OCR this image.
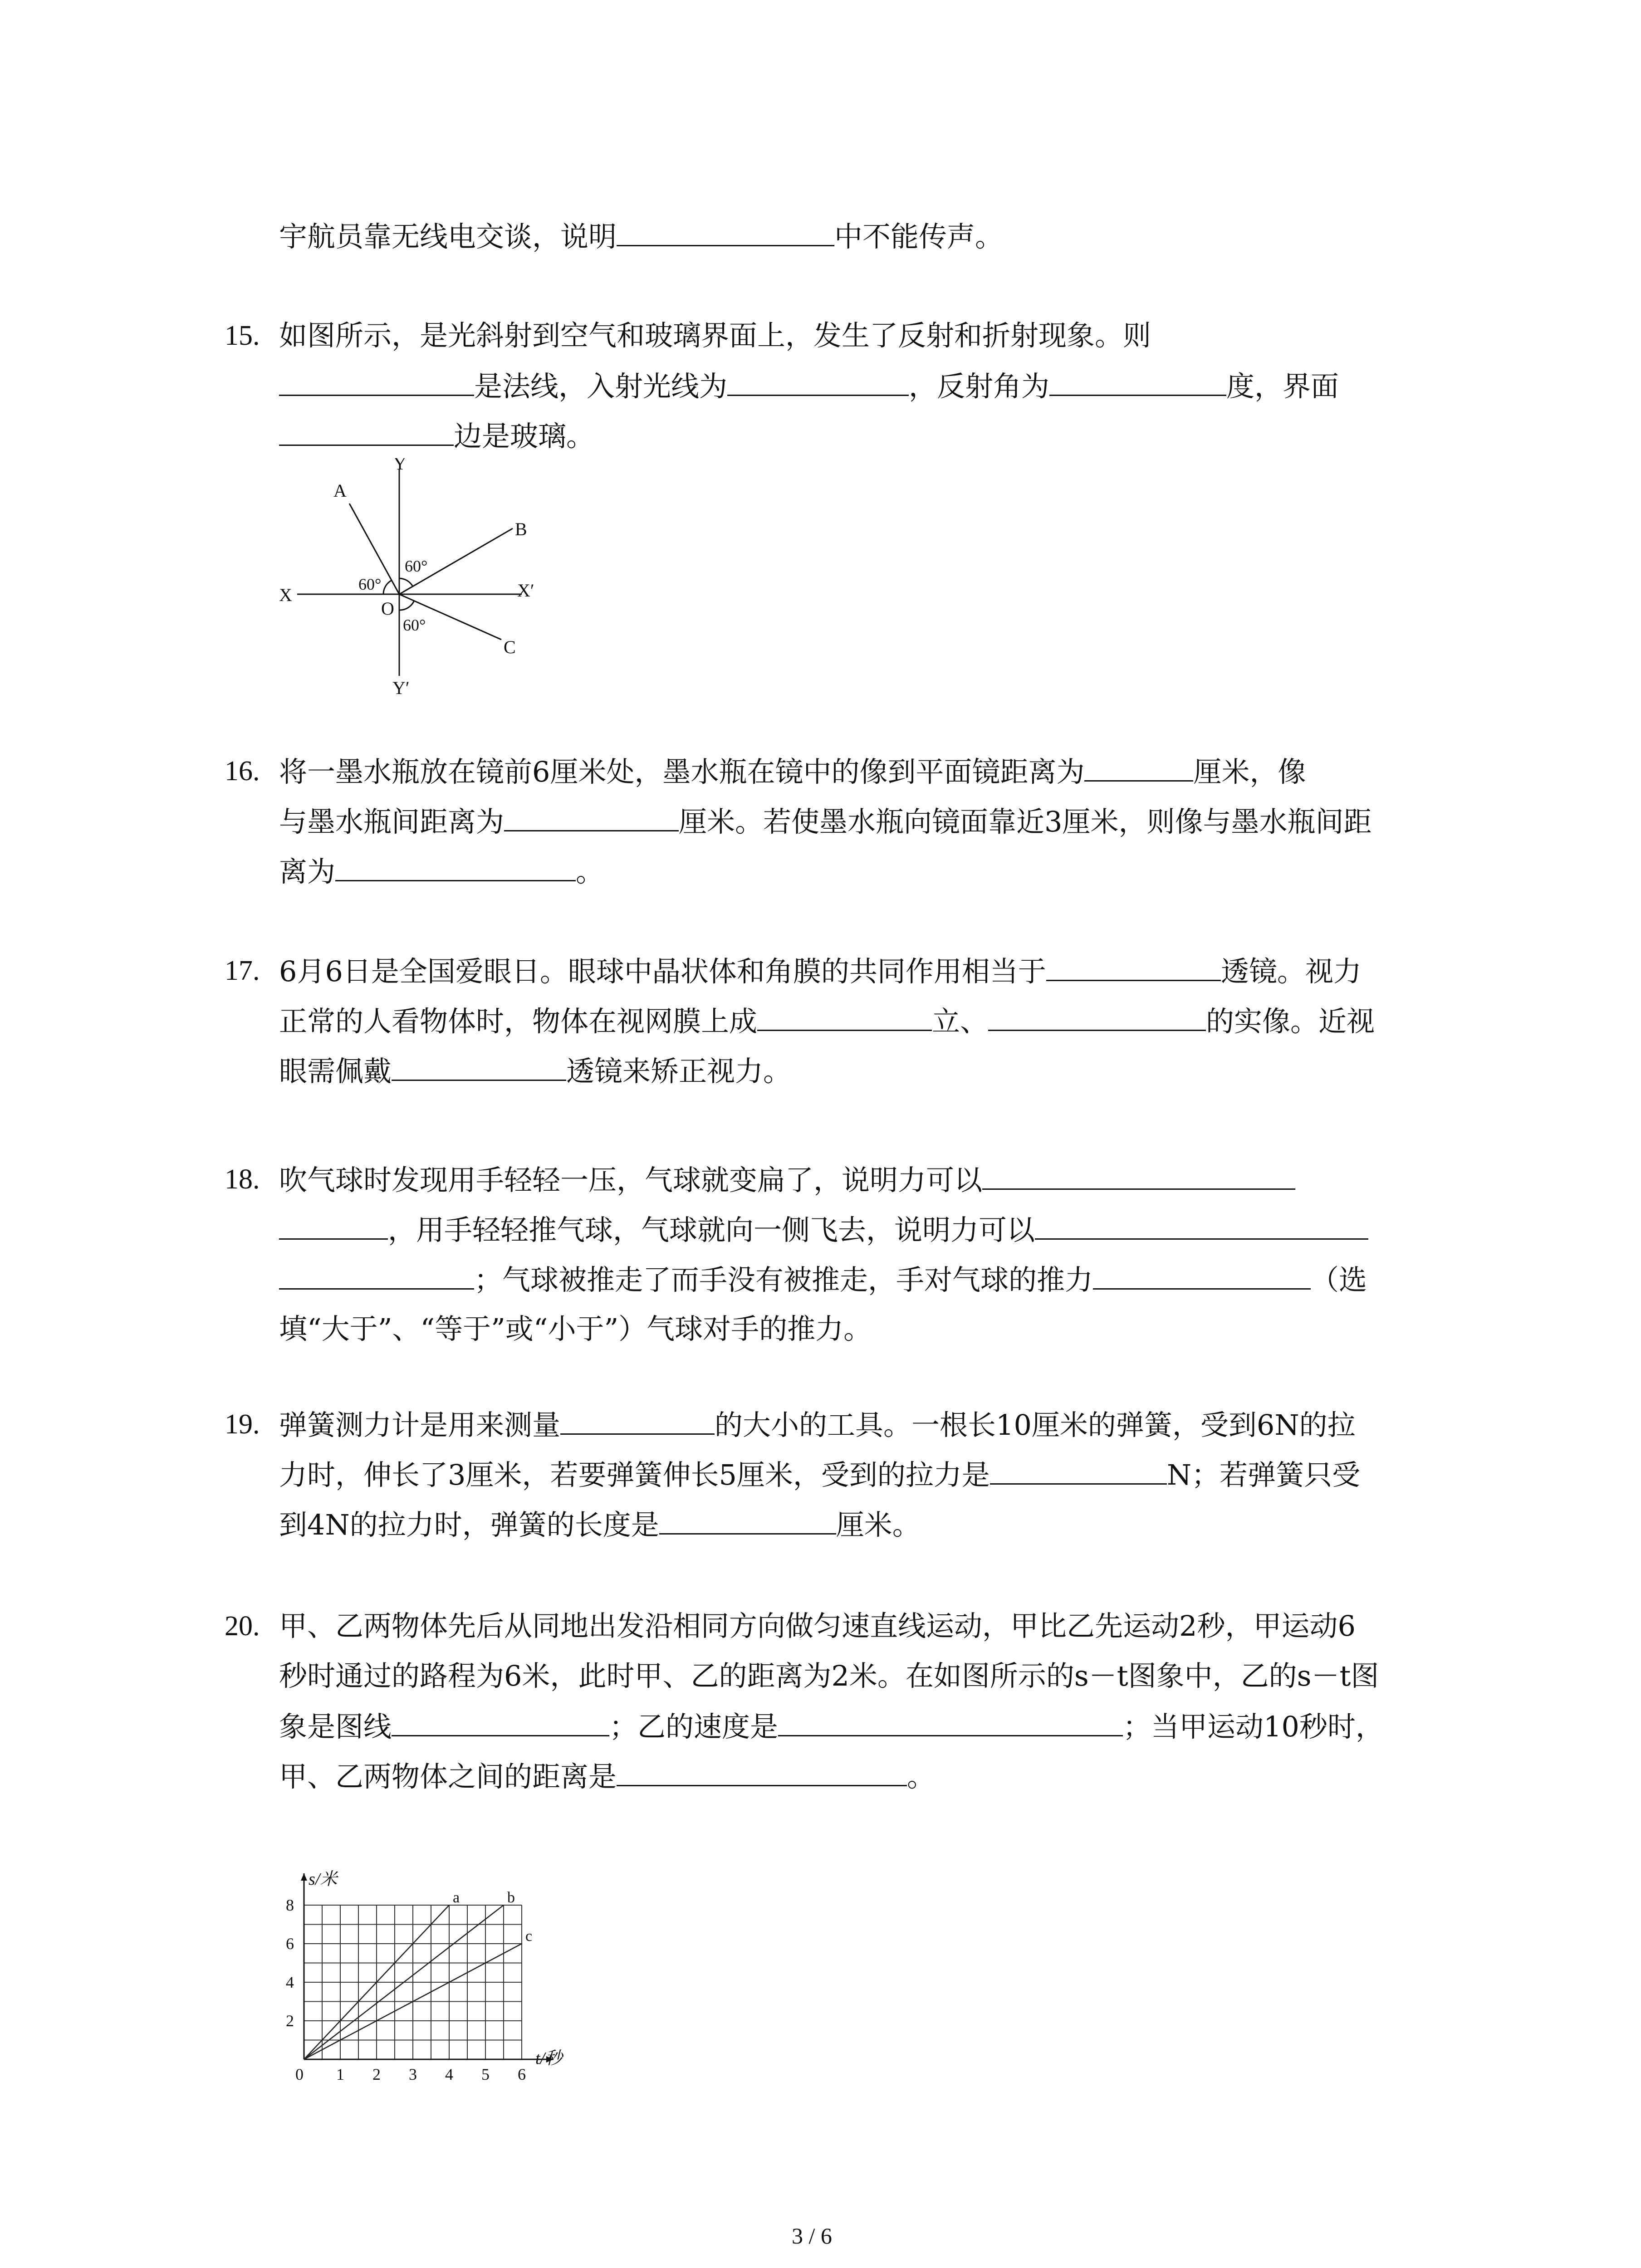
宇航员靠无线电交谈，说明	中不能传声。
15. 如图所示，是光斜射到空气和玻璃界面上，发生了反射和折射现象。则
是法线，入射光线为	，反射角为	度，界面
边是玻璃。
A
Y
B
X	X′
O
C
Y′
60°
60°
60°
16. 将一墨水瓶放在镜前6厘米处，墨水瓶在镜中的像到平面镜距离为	厘米，像
与墨水瓶间距离为	厘米。若使墨水瓶向镜面靠近3厘米，则像与墨水瓶间距
离为	。
17. 6月6日是全国爱眼日。眼球中晶状体和角膜的共同作用相当于	透镜。视力
正常的人看物体时，物体在视网膜上成	立、	的实像。近视
眼需佩戴	透镜来矫正视力。
18. 吹气球时发现用手轻轻一压，气球就变扁了，说明力可以
，用手轻轻推气球，气球就向一侧飞去，说明力可以
；气球被推走了而手没有被推走，手对气球的推力	（选
填“大于”、“等于”或“小于”）气球对手的推力。
19. 弹簧测力计是用来测量	的大小的工具。一根长10厘米的弹簧，受到6N的拉
力时，伸长了3厘米，若要弹簧伸长5厘米，受到的拉力是	N；若弹簧只受
到4N的拉力时，弹簧的长度是	厘米。
20. 甲、乙两物体先后从同地出发沿相同方向做匀速直线运动，甲比乙先运动2秒，甲运动6
秒时通过的路程为6米，此时甲、乙的距离为2米。在如图所示的s－t图象中，乙的s－t图
象是图线	；乙的速度是	；当甲运动10秒时，
甲、乙两物体之间的距离是	。
a	b
c
0 1 2 3 4 5 6
2
4
6
8
s/米
t/秒
3 / 6
